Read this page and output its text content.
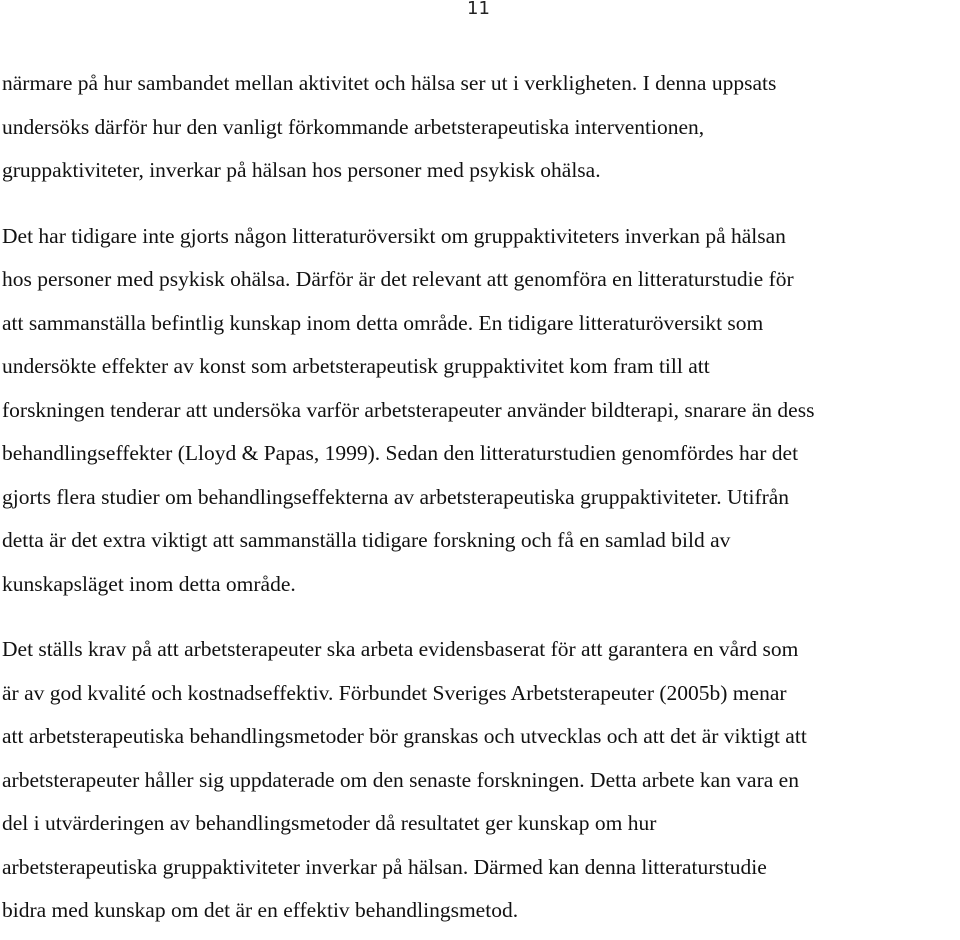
11
närmare på hur sambandet mellan aktivitet och hälsa ser ut i verkligheten. I denna uppsats
undersöks därför hur den vanligt förkommande arbetsterapeutiska interventionen,
gruppaktiviteter, inverkar på hälsan hos personer med psykisk ohälsa.
Det har tidigare inte gjorts någon litteraturöversikt om gruppaktiviteters inverkan på hälsan
hos personer med psykisk ohälsa. Därför är det relevant att genomföra en litteraturstudie för
att sammanställa befintlig kunskap inom detta område. En tidigare litteraturöversikt som
undersökte effekter av konst som arbetsterapeutisk gruppaktivitet kom fram till att
forskningen tenderar att undersöka varför arbetsterapeuter använder bildterapi, snarare än dess
behandlingseffekter (Lloyd & Papas, 1999). Sedan den litteraturstudien genomfördes har det
gjorts flera studier om behandlingseffekterna av arbetsterapeutiska gruppaktiviteter. Utifrån
detta är det extra viktigt att sammanställa tidigare forskning och få en samlad bild av
kunskapsläget inom detta område.
Det ställs krav på att arbetsterapeuter ska arbeta evidensbaserat för att garantera en vård som
är av god kvalité och kostnadseffektiv. Förbundet Sveriges Arbetsterapeuter (2005b) menar
att arbetsterapeutiska behandlingsmetoder bör granskas och utvecklas och att det är viktigt att
arbetsterapeuter håller sig uppdaterade om den senaste forskningen. Detta arbete kan vara en
del i utvärderingen av behandlingsmetoder då resultatet ger kunskap om hur
arbetsterapeutiska gruppaktiviteter inverkar på hälsan. Därmed kan denna litteraturstudie
bidra med kunskap om det är en effektiv behandlingsmetod.
